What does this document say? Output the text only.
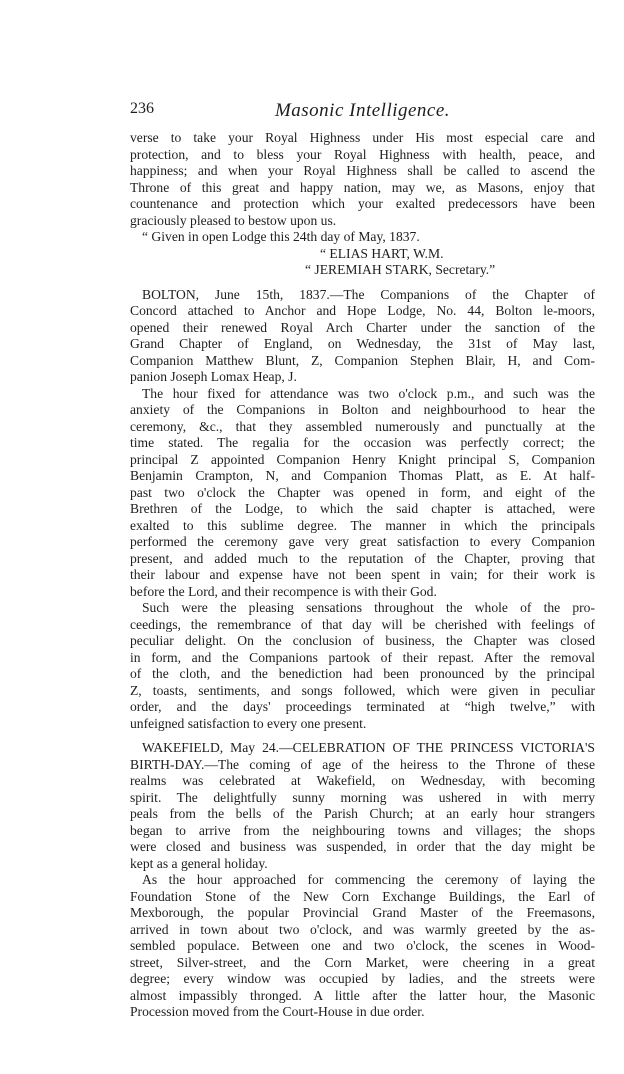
236	Masonic Intelligence.
verse to take your Royal Highness under His most especial care and
protection, and to bless your Royal Highness with health, peace, and
happiness; and when your Royal Highness shall be called to ascend the
Throne of this great and happy nation, may we, as Masons, enjoy that
countenance and protection which your exalted predecessors have been
graciously pleased to bestow upon us.
“ Given in open Lodge this 24th day of May, 1837.
“ ELIAS HART, W.M.
“ JEREMIAH STARK, Secretary.”
BOLTON, June 15th, 1837.—The Companions of the Chapter of
Concord attached to Anchor and Hope Lodge, No. 44, Bolton le-moors,
opened their renewed Royal Arch Charter under the sanction of the
Grand Chapter of England, on Wednesday, the 31st of May last,
Companion Matthew Blunt, Z, Companion Stephen Blair, H, and Com-
panion Joseph Lomax Heap, J.
The hour fixed for attendance was two o'clock p.m., and such was the
anxiety of the Companions in Bolton and neighbourhood to hear the
ceremony, &c., that they assembled numerously and punctually at the
time stated. The regalia for the occasion was perfectly correct; the
principal Z appointed Companion Henry Knight principal S, Companion
Benjamin Crampton, N, and Companion Thomas Platt, as E. At half-
past two o'clock the Chapter was opened in form, and eight of the
Brethren of the Lodge, to which the said chapter is attached, were
exalted to this sublime degree. The manner in which the principals
performed the ceremony gave very great satisfaction to every Companion
present, and added much to the reputation of the Chapter, proving that
their labour and expense have not been spent in vain; for their work is
before the Lord, and their recompence is with their God.
Such were the pleasing sensations throughout the whole of the pro-
ceedings, the remembrance of that day will be cherished with feelings of
peculiar delight. On the conclusion of business, the Chapter was closed
in form, and the Companions partook of their repast. After the removal
of the cloth, and the benediction had been pronounced by the principal
Z, toasts, sentiments, and songs followed, which were given in peculiar
order, and the days' proceedings terminated at “high twelve,” with
unfeigned satisfaction to every one present.
WAKEFIELD, May 24.—CELEBRATION OF THE PRINCESS VICTORIA'S
BIRTH-DAY.—The coming of age of the heiress to the Throne of these
realms was celebrated at Wakefield, on Wednesday, with becoming
spirit. The delightfully sunny morning was ushered in with merry
peals from the bells of the Parish Church; at an early hour strangers
began to arrive from the neighbouring towns and villages; the shops
were closed and business was suspended, in order that the day might be
kept as a general holiday.
As the hour approached for commencing the ceremony of laying the
Foundation Stone of the New Corn Exchange Buildings, the Earl of
Mexborough, the popular Provincial Grand Master of the Freemasons,
arrived in town about two o'clock, and was warmly greeted by the as-
sembled populace. Between one and two o'clock, the scenes in Wood-
street, Silver-street, and the Corn Market, were cheering in a great
degree; every window was occupied by ladies, and the streets were
almost impassibly thronged. A little after the latter hour, the Masonic
Procession moved from the Court-House in due order.
